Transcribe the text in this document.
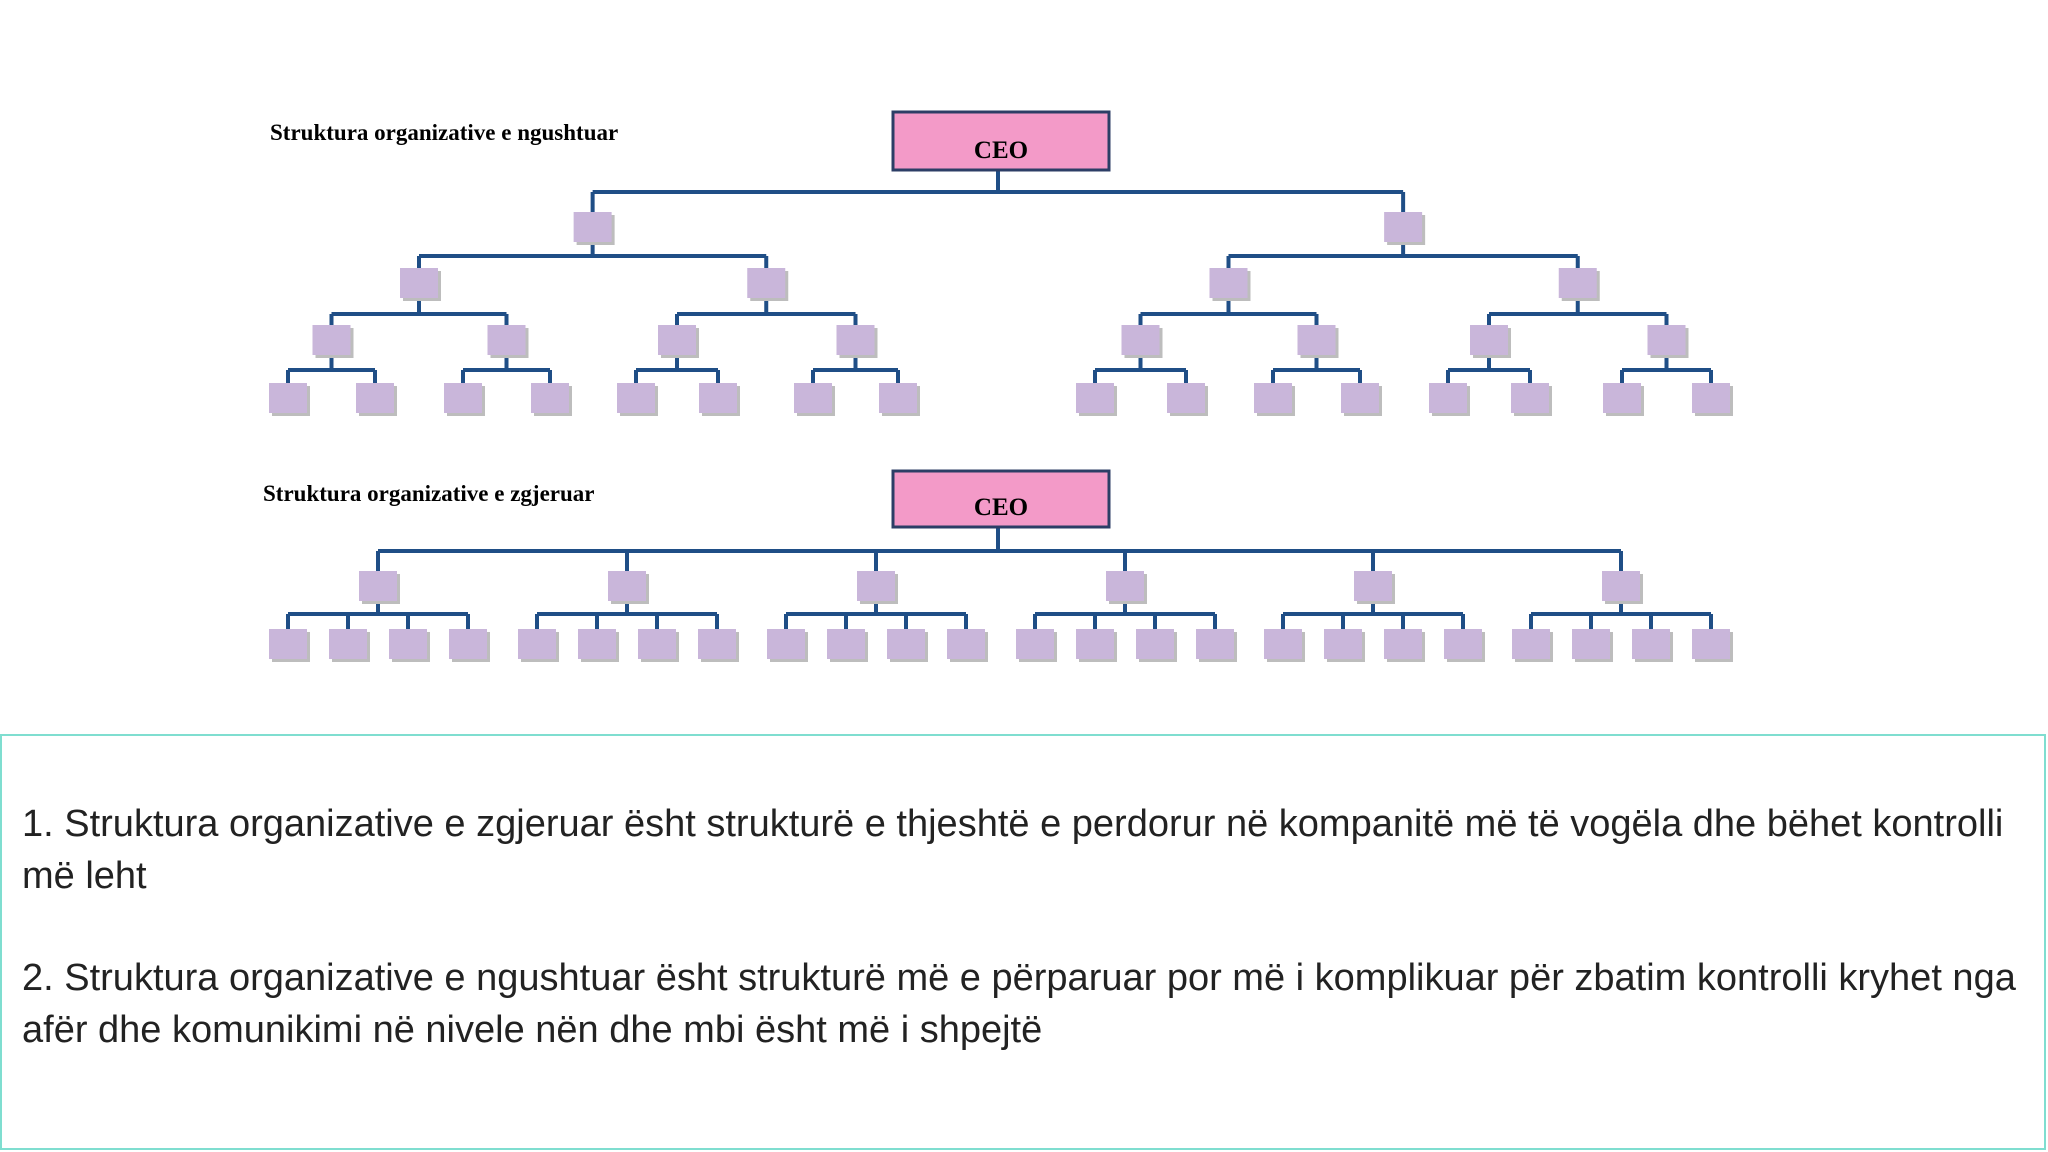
Struktura organizative e ngushtuar
CEO
Struktura organizative e zgjeruar
CEO

1. Struktura organizative e zgjeruar ësht strukturë e thjeshtë e perdorur në kompanitë më të vogëla dhe bëhet kontrolli më leht

2. Struktura organizative e ngushtuar ësht strukturë më e përparuar por më i komplikuar për zbatim kontrolli kryhet nga afër dhe komunikimi në nivele nën dhe mbi ësht më i shpejtë
